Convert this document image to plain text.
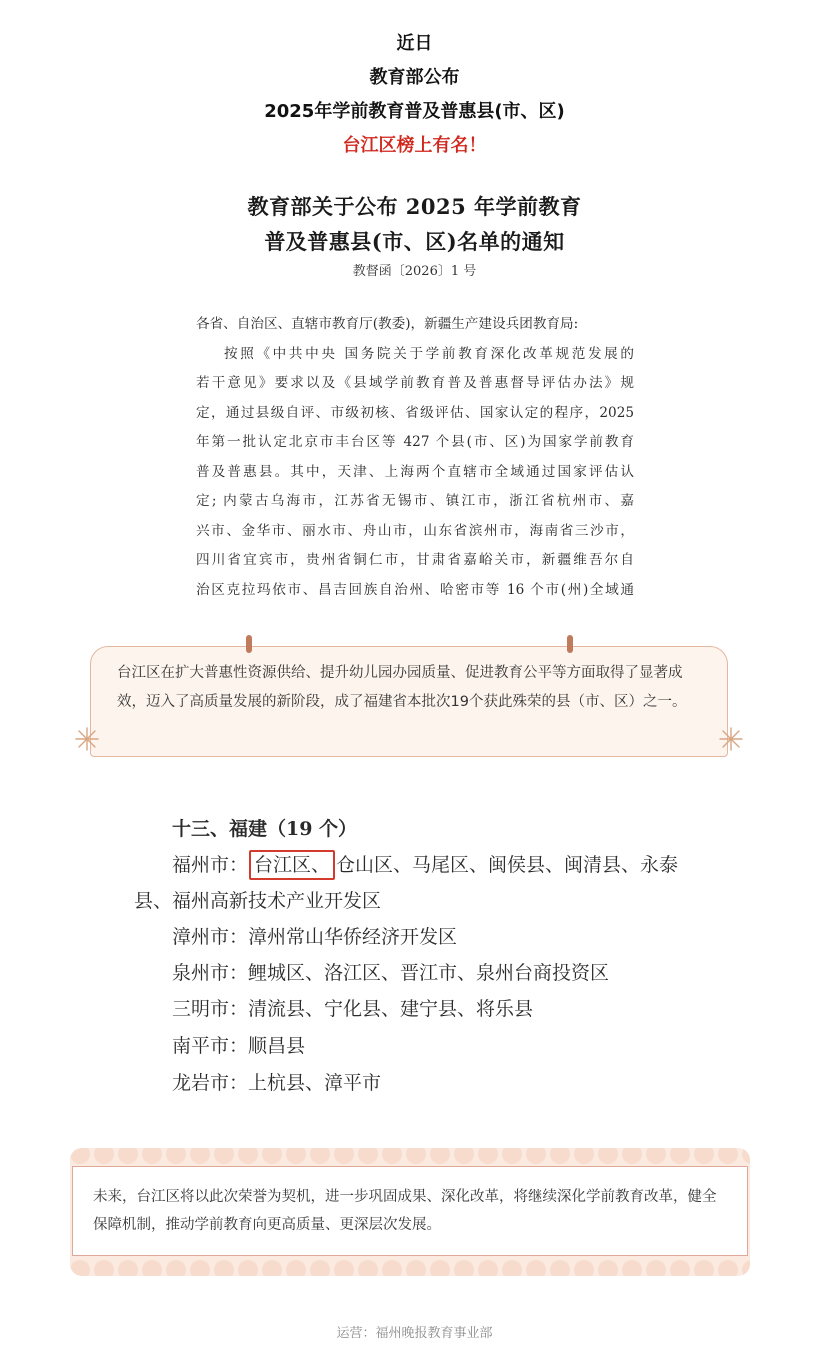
近日
教育部公布
2025年学前教育普及普惠县(市、区)
台江区榜上有名！
教育部关于公布 2025 年学前教育
普及普惠县(市、区)名单的通知
教督函〔2026〕1 号
各省、自治区、直辖市教育厅(教委)，新疆生产建设兵团教育局:
按照《中共中央 国务院关于学前教育深化改革规范发展的
若干意见》要求以及《县域学前教育普及普惠督导评估办法》规
定，通过县级自评、市级初核、省级评估、国家认定的程序，2025
年第一批认定北京市丰台区等 427 个县(市、区)为国家学前教育
普及普惠县。其中，天津、上海两个直辖市全域通过国家评估认
定; 内蒙古乌海市，江苏省无锡市、镇江市，浙江省杭州市、嘉
兴市、金华市、丽水市、舟山市，山东省滨州市，海南省三沙市，
四川省宜宾市，贵州省铜仁市，甘肃省嘉峪关市，新疆维吾尔自
治区克拉玛依市、昌吉回族自治州、哈密市等 16 个市(州)全域通
台江区在扩大普惠性资源供给、提升幼儿园办园质量、促进教育公平等方面取得了显著成效，迈入了高质量发展的新阶段，成了福建省本批次19个获此殊荣的县（市、区）之一。
十三、福建（19 个）
福州市： 台江区、 仓山区、马尾区、闽侯县、闽清县、永泰
县、福州高新技术产业开发区
漳州市：漳州常山华侨经济开发区
泉州市：鲤城区、洛江区、晋江市、泉州台商投资区
三明市：清流县、宁化县、建宁县、将乐县
南平市：顺昌县
龙岩市：上杭县、漳平市
未来，台江区将以此次荣誉为契机，进一步巩固成果、深化改革，将继续深化学前教育改革，健全保障机制，推动学前教育向更高质量、更深层次发展。
运营：福州晚报教育事业部
